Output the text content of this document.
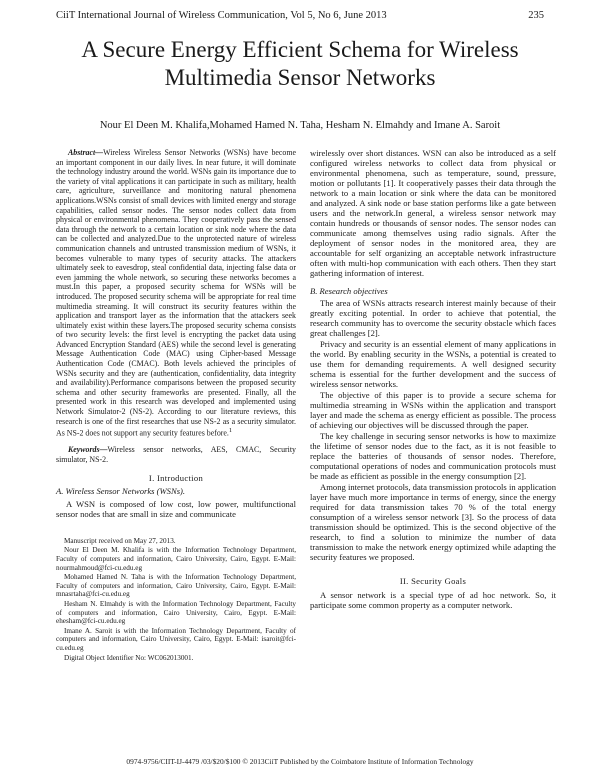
CiiT International Journal of Wireless Communication, Vol 5, No 6, June 2013	235
A Secure Energy Efficient Schema for Wireless
Multimedia Sensor Networks
Nour El Deen M. Khalifa,Mohamed Hamed N. Taha, Hesham N. Elmahdy and Imane A. Saroit

Abstract—Wireless Wireless Sensor Networks (WSNs) have become an important component in our daily lives. In near future, it will dominate the technology industry around the world. WSNs gain its importance due to the variety of vital applications it can participate in such as military, health care, agriculture, surveillance and monitoring natural phenomena applications.WSNs consist of small devices with limited energy and storage capabilities, called sensor nodes. The sensor nodes collect data from physical or environmental phenomena. They cooperatively pass the sensed data through the network to a certain location or sink node where the data can be collected and analyzed.Due to the unprotected nature of wireless communication channels and untrusted transmission medium of WSNs, it becomes vulnerable to many types of security attacks. The attackers ultimately seek to eavesdrop, steal confidential data, injecting false data or even jamming the whole network, so securing these networks becomes a must.In this paper, a proposed security schema for WSNs will be introduced. The proposed security schema will be appropriate for real time multimedia streaming. It will construct its security features within the application and transport layer as the information that the attackers seek ultimately exist within these layers.The proposed security schema consists of two security levels: the first level is encrypting the packet data using Advanced Encryption Standard (AES) while the second level is generating Message Authentication Code (MAC) using Cipher-based Message Authentication Code (CMAC). Both levels achieved the principles of WSNs security and they are (authentication, confidentiality, data integrity and availability).Performance comparisons between the proposed security schema and other security frameworks are presented. Finally, all the presented work in this research was developed and implemented using Network Simulator-2 (NS-2). According to our literature reviews, this research is one of the first researches that use NS-2 as a security simulator. As NS-2 does not support any security features before.$^1$

Keywords—Wireless sensor networks, AES, CMAC, Security simulator, NS-2.

I. Introduction
A. Wireless Sensor Networks (WSNs).

A WSN is composed of low cost, low power, multifunctional sensor nodes that are small in size and communicate

Manuscript received on May 27, 2013.

Nour El Deen M. Khalifa is with the Information Technology Department, Faculty of computers and information, Cairo University, Cairo, Egypt. E-Mail: nourmahmoud@fci-cu.edu.eg

Mohamed Hamed N. Taha is with the Information Technology Department, Faculty of computers and information, Cairo University, Cairo, Egypt. E-Mail: mnasrtaha@fci-cu.edu.eg

Hesham N. Elmahdy is with the Information Technology Department, Faculty of computers and information, Cairo University, Cairo, Egypt. E-Mail: ehesham@fci-cu.edu.eg

Imane A. Saroit is with the Information Technology Department, Faculty of computers and information, Cairo University, Cairo, Egypt. E-Mail: isaroit@fci-cu.edu.eg

Digital Object Identifier No: WC062013001.

wirelessly over short distances. WSN can also be introduced as a self configured wireless networks to collect data from physical or environmental phenomena, such as temperature, sound, pressure, motion or pollutants [1]. It cooperatively passes their data through the network to a main location or sink where the data can be monitored and analyzed. A sink node or base station performs like a gate between users and the network.In general, a wireless sensor network may contain hundreds or thousands of sensor nodes. The sensor nodes can communicate among themselves using radio signals. After the deployment of sensor nodes in the monitored area, they are accountable for self organizing an acceptable network infrastructure often with multi-hop communication with each others. Then they start gathering information of interest.

B. Research objectives

The area of WSNs attracts research interest mainly because of their greatly exciting potential. In order to achieve that potential, the research community has to overcome the security obstacle which faces great challenges [2].

Privacy and security is an essential element of many applications in the world. By enabling security in the WSNs, a potential is created to use them for demanding requirements. A well designed security schema is essential for the further development and the success of wireless sensor networks.

The objective of this paper is to provide a secure schema for multimedia streaming in WSNs within the application and transport layer and made the schema as energy efficient as possible. The process of achieving our objectives will be discussed through the paper.

The key challenge in securing sensor networks is how to maximize the lifetime of sensor nodes due to the fact, as it is not feasible to replace the batteries of thousands of sensor nodes. Therefore, computational operations of nodes and communication protocols must be made as efficient as possible in the energy consumption [2].

Among internet protocols, data transmission protocols in application layer have much more importance in terms of energy, since the energy required for data transmission takes 70 % of the total energy consumption of a wireless sensor network [3]. So the process of data transmission should be optimized. This is the second objective of the research, to find a solution to minimize the number of data transmission to make the network energy optimized while adapting the security features we proposed.

II. Security Goals

A sensor network is a special type of ad hoc network. So, it participate some common property as a computer network.

0974-9756/CIIT-IJ-4479 /03/$20/$100 © 2013CiiT Published by the Coimbatore Institute of Information Technology
